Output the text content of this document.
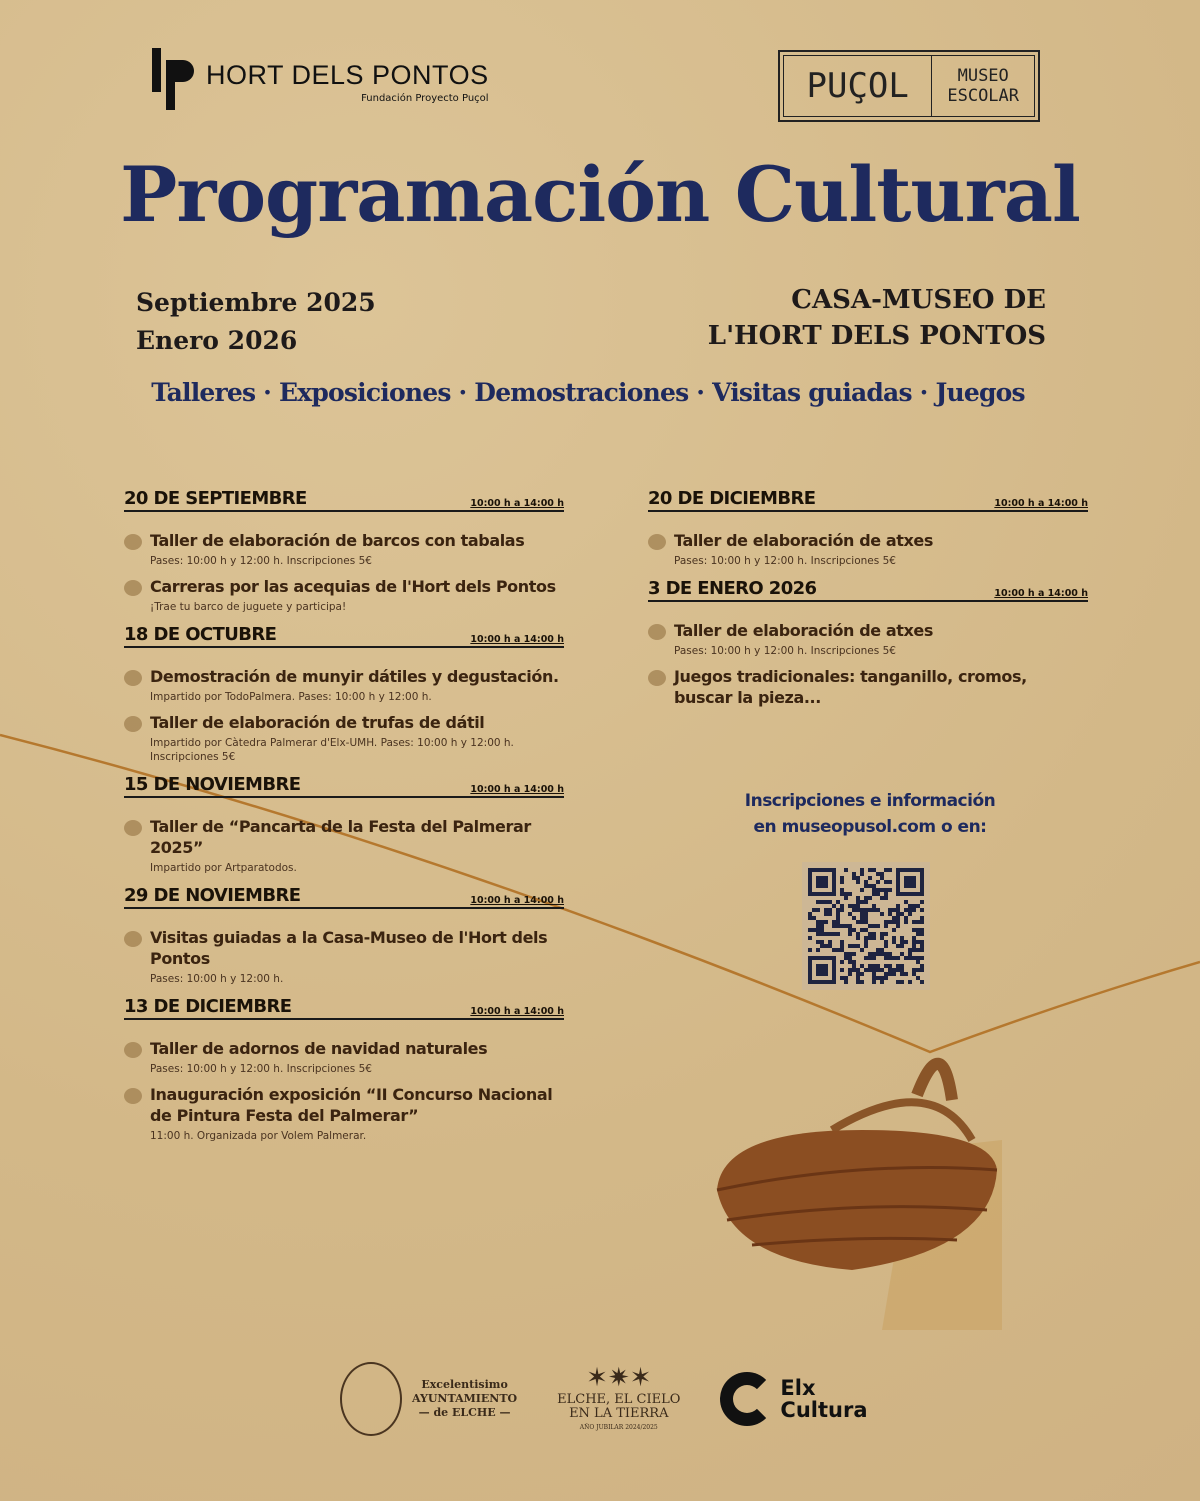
HORT DELS PONTOS
Fundación Proyecto Puçol	PUÇOL	MUSEO
ESCOLAR
Programación Cultural
Septiembre 2025
Enero 2026
CASA-MUSEO DE
L'HORT DELS PONTOS
Talleres · Exposiciones · Demostraciones · Visitas guiadas · Juegos
20 DE SEPTIEMBRE	10:00 h a 14:00 h
Taller de elaboración de barcos con tabalas
Pases: 10:00 h y 12:00 h. Inscripciones 5€
Carreras por las acequias de l'Hort dels Pontos
¡Trae tu barco de juguete y participa!
18 DE OCTUBRE	10:00 h a 14:00 h
Demostración de munyir dátiles y degustación.
Impartido por TodoPalmera. Pases: 10:00 h y 12:00 h.
Taller de elaboración de trufas de dátil
Impartido por Càtedra Palmerar d'Elx-UMH. Pases: 10:00 h y 12:00 h. Inscripciones 5€
15 DE NOVIEMBRE	10:00 h a 14:00 h
Taller de “Pancarta de la Festa del Palmerar 2025”
Impartido por Artparatodos.
29 DE NOVIEMBRE	10:00 h a 14:00 h
Visitas guiadas a la Casa-Museo de l'Hort dels Pontos
Pases: 10:00 h y 12:00 h.
13 DE DICIEMBRE	10:00 h a 14:00 h
Taller de adornos de navidad naturales
Pases: 10:00 h y 12:00 h. Inscripciones 5€
Inauguración exposición “II Concurso Nacional de Pintura Festa del Palmerar”
11:00 h. Organizada por Volem Palmerar.
20 DE DICIEMBRE	10:00 h a 14:00 h
Taller de elaboración de atxes
Pases: 10:00 h y 12:00 h. Inscripciones 5€
3 DE ENERO 2026	10:00 h a 14:00 h
Taller de elaboración de atxes
Pases: 10:00 h y 12:00 h. Inscripciones 5€
Juegos tradicionales: tanganillo, cromos, buscar la pieza...
Inscripciones e información
en museopusol.com o en:
Excelentisimo
AYUNTAMIENTO
— de ELCHE —
✶✷✶
ELCHE, EL CIELO
EN LA TIERRA
AÑO JUBILAR 2024/2025
Elx
Cultura
